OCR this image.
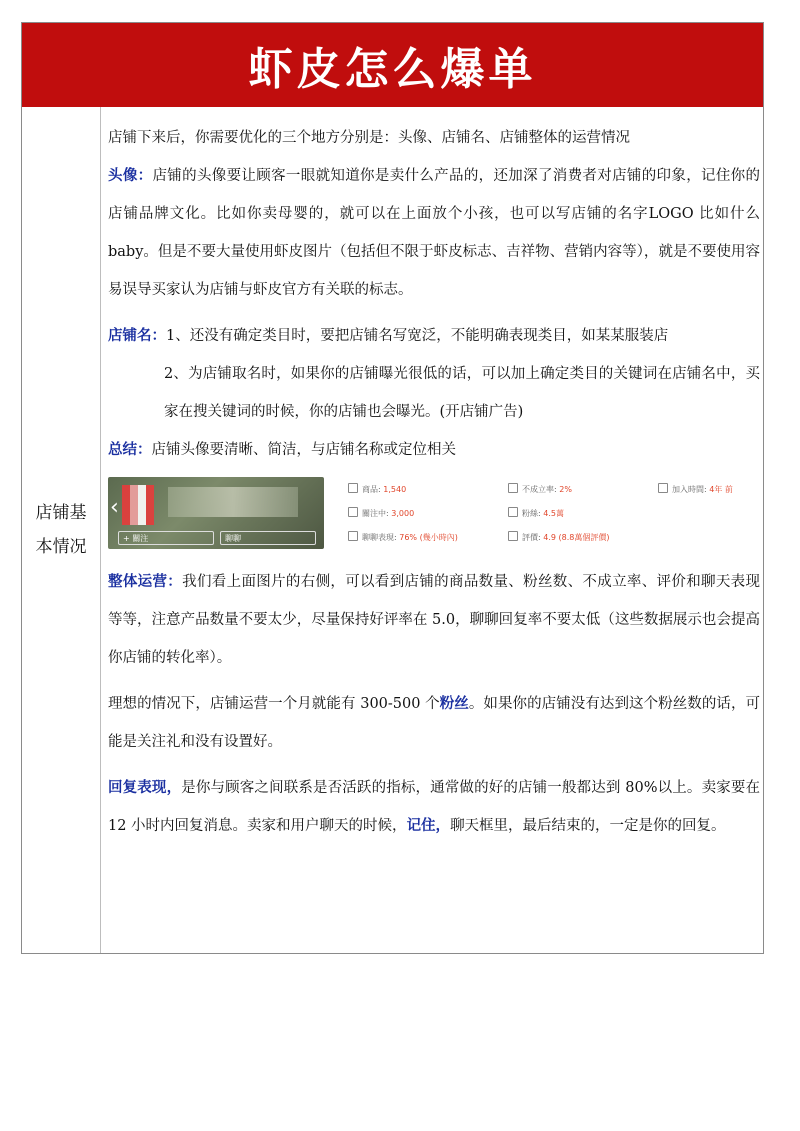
虾皮怎么爆单
店铺基
本情况

店铺下来后，你需要优化的三个地方分别是：头像、店铺名、店铺整体的运营情况

头像：店铺的头像要让顾客一眼就知道你是卖什么产品的，还加深了消费者对店铺的印象，记住你的店铺品牌文化。比如你卖母婴的，就可以在上面放个小孩，也可以写店铺的名字LOGO 比如什么 baby。但是不要大量使用虾皮图片（包括但不限于虾皮标志、吉祥物、营销内容等），就是不要使用容易误导买家认为店铺与虾皮官方有关联的标志。

店铺名：1、还没有确定类目时，要把店铺名写宽泛，不能明确表现类目，如某某服装店

2、为店铺取名时，如果你的店铺曝光很低的话，可以加上确定类目的关键词在店铺名中，买家在搜关键词的时候，你的店铺也会曝光。(开店铺广告)

总结：店铺头像要清晰、简洁，与店铺名称或定位相关

‹
+ 關注	聊聊
商品: 1,540	不成立率: 2%	加入時間: 4年 前
關注中: 3,000	粉絲: 4.5萬
聊聊表現: 76% (幾小時內)	評價: 4.9 (8.8萬個評價)

整体运营：我们看上面图片的右侧，可以看到店铺的商品数量、粉丝数、不成立率、评价和聊天表现等等，注意产品数量不要太少，尽量保持好评率在 5.0，聊聊回复率不要太低（这些数据展示也会提高你店铺的转化率）。

理想的情况下，店铺运营一个月就能有 300-500 个粉丝。如果你的店铺没有达到这个粉丝数的话，可能是关注礼和没有设置好。

回复表现，是你与顾客之间联系是否活跃的指标，通常做的好的店铺一般都达到 80%以上。卖家要在 12 小时内回复消息。卖家和用户聊天的时候，记住，聊天框里，最后结束的，一定是你的回复。
